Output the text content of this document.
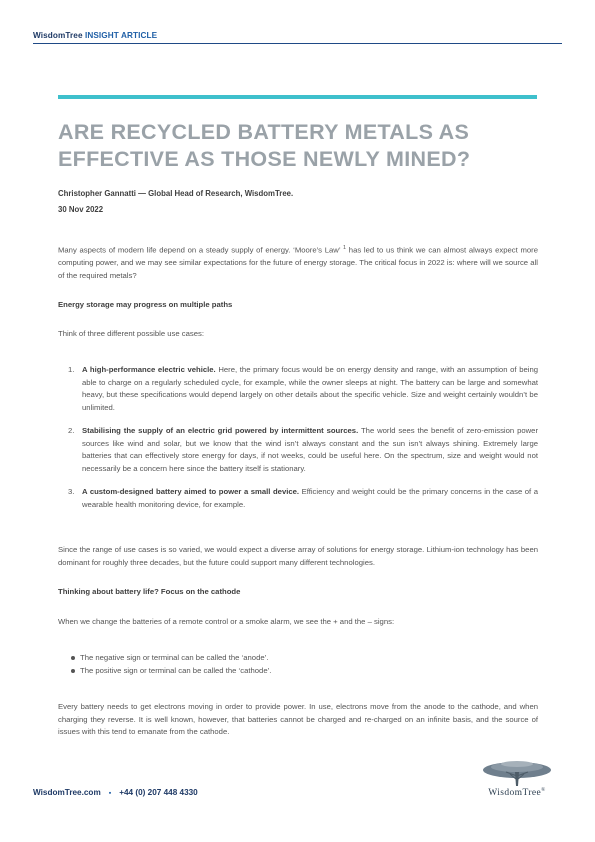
WisdomTree INSIGHT ARTICLE
ARE RECYCLED BATTERY METALS AS EFFECTIVE AS THOSE NEWLY MINED?
Christopher Gannatti — Global Head of Research, WisdomTree.
30 Nov 2022

Many aspects of modern life depend on a steady supply of energy. ‘Moore’s Law’ $^1$ has led to us think we can almost always expect more computing power, and we may see similar expectations for the future of energy storage. The critical focus in 2022 is: where will we source all of the required metals?

Energy storage may progress on multiple paths

Think of three different possible use cases:

1. A high-performance electric vehicle. Here, the primary focus would be on energy density and range, with an assumption of being able to charge on a regularly scheduled cycle, for example, while the owner sleeps at night. The battery can be large and somewhat heavy, but these specifications would depend largely on other details about the specific vehicle. Size and weight certainly wouldn’t be unlimited.
2. Stabilising the supply of an electric grid powered by intermittent sources. The world sees the benefit of zero-emission power sources like wind and solar, but we know that the wind isn’t always constant and the sun isn’t always shining. Extremely large batteries that can effectively store energy for days, if not weeks, could be useful here. On the spectrum, size and weight would not necessarily be a concern here since the battery itself is stationary.
3. A custom-designed battery aimed to power a small device. Efficiency and weight could be the primary concerns in the case of a wearable health monitoring device, for example.

Since the range of use cases is so varied, we would expect a diverse array of solutions for energy storage. Lithium-ion technology has been dominant for roughly three decades, but the future could support many different technologies.

Thinking about battery life? Focus on the cathode

When we change the batteries of a remote control or a smoke alarm, we see the + and the – signs:

The negative sign or terminal can be called the ‘anode’.
The positive sign or terminal can be called the ‘cathode’.

Every battery needs to get electrons moving in order to provide power. In use, electrons move from the anode to the cathode, and when charging they reverse. It is well known, however, that batteries cannot be charged and re-charged on an infinite basis, and the source of issues with this tend to emanate from the cathode.

WisdomTree.com ▪ +44 (0) 207 448 4330	WisdomTree®
